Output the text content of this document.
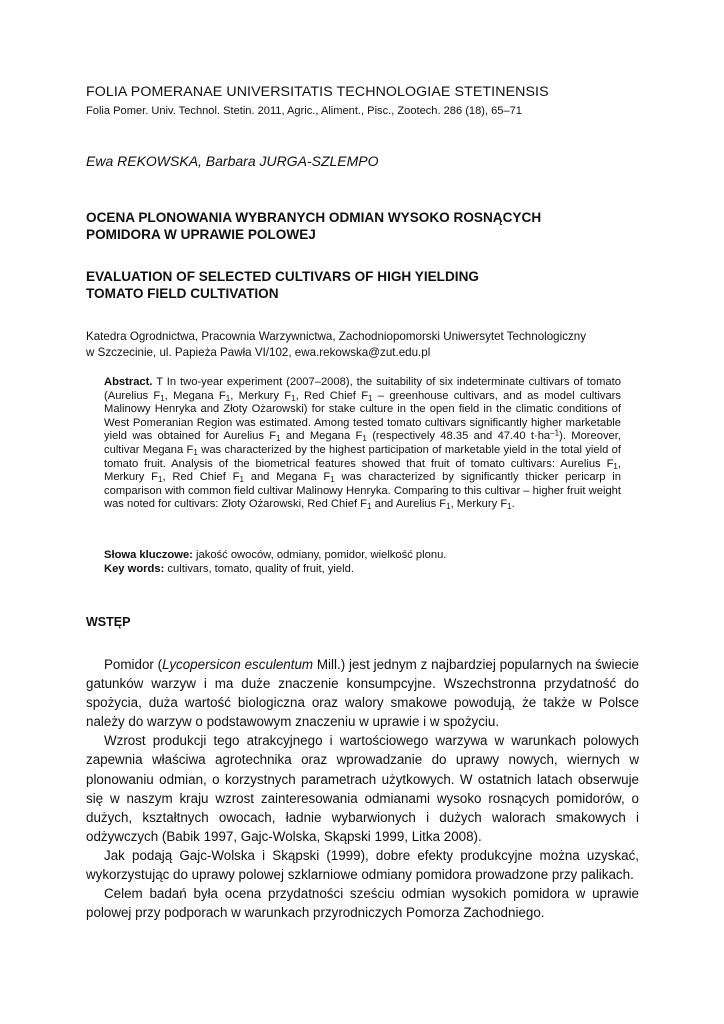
FOLIA POMERANAE UNIVERSITATIS TECHNOLOGIAE STETINENSIS
Folia Pomer. Univ. Technol. Stetin. 2011, Agric., Aliment., Pisc., Zootech. 286 (18), 65–71
Ewa REKOWSKA, Barbara JURGA-SZLEMPO
OCENA PLONOWANIA WYBRANYCH ODMIAN WYSOKO ROSNĄCYCH
POMIDORA W UPRAWIE POLOWEJ
EVALUATION OF SELECTED CULTIVARS OF HIGH YIELDING
TOMATO FIELD CULTIVATION
Katedra Ogrodnictwa, Pracownia Warzywnictwa, Zachodniopomorski Uniwersytet Technologiczny
w Szczecinie, ul. Papieża Pawła VI/102, ewa.rekowska@zut.edu.pl
Abstract. T In two-year experiment (2007–2008), the suitability of six indeterminate cultivars of tomato (Aurelius $F_1$, Megana $F_1$, Merkury $F_1$, Red Chief $F_1$ – greenhouse cultivars, and as model cultivars Malinowy Henryka and Złoty Ożarowski) for stake culture in the open field in the climatic conditions of West Pomeranian Region was estimated. Among tested tomato cultivars significantly higher marketable yield was obtained for Aurelius $F_1$ and Megana $F_1$ (respectively 48.35 and 47.40 $t\cdot ha^{-1}$). Moreover, cultivar Megana $F_1$ was characterized by the highest participation of marketable yield in the total yield of tomato fruit. Analysis of the biometrical features showed that fruit of tomato cultivars: Aurelius $F_1$, Merkury $F_1$, Red Chief $F_1$ and Megana $F_1$ was characterized by significantly thicker pericarp in comparison with common field cultivar Malinowy Henryka. Comparing to this cultivar – higher fruit weight was noted for cultivars: Złoty Ożarowski, Red Chief $F_1$ and Aurelius $F_1$, Merkury $F_1$.
Słowa kluczowe: jakość owoców, odmiany, pomidor, wielkość plonu.
Key words: cultivars, tomato, quality of fruit, yield.
WSTĘP

Pomidor (Lycopersicon esculentum Mill.) jest jednym z najbardziej popularnych na świecie gatunków warzyw i ma duże znaczenie konsumpcyjne. Wszechstronna przydatność do spożycia, duża wartość biologiczna oraz walory smakowe powodują, że także w Polsce należy do warzyw o podstawowym znaczeniu w uprawie i w spożyciu.

Wzrost produkcji tego atrakcyjnego i wartościowego warzywa w warunkach polowych zapewnia właściwa agrotechnika oraz wprowadzanie do uprawy nowych, wiernych w plonowaniu odmian, o korzystnych parametrach użytkowych. W ostatnich latach obserwuje się w naszym kraju wzrost zainteresowania odmianami wysoko rosnących pomidorów, o dużych, kształtnych owocach, ładnie wybarwionych i dużych walorach smakowych i odżywczych (Babik 1997, Gajc-Wolska, Skąpski 1999, Litka 2008).

Jak podają Gajc-Wolska i Skąpski (1999), dobre efekty produkcyjne można uzyskać, wykorzystując do uprawy polowej szklarniowe odmiany pomidora prowadzone przy palikach.

Celem badań była ocena przydatności sześciu odmian wysokich pomidora w uprawie polowej przy podporach w warunkach przyrodniczych Pomorza Zachodniego.
